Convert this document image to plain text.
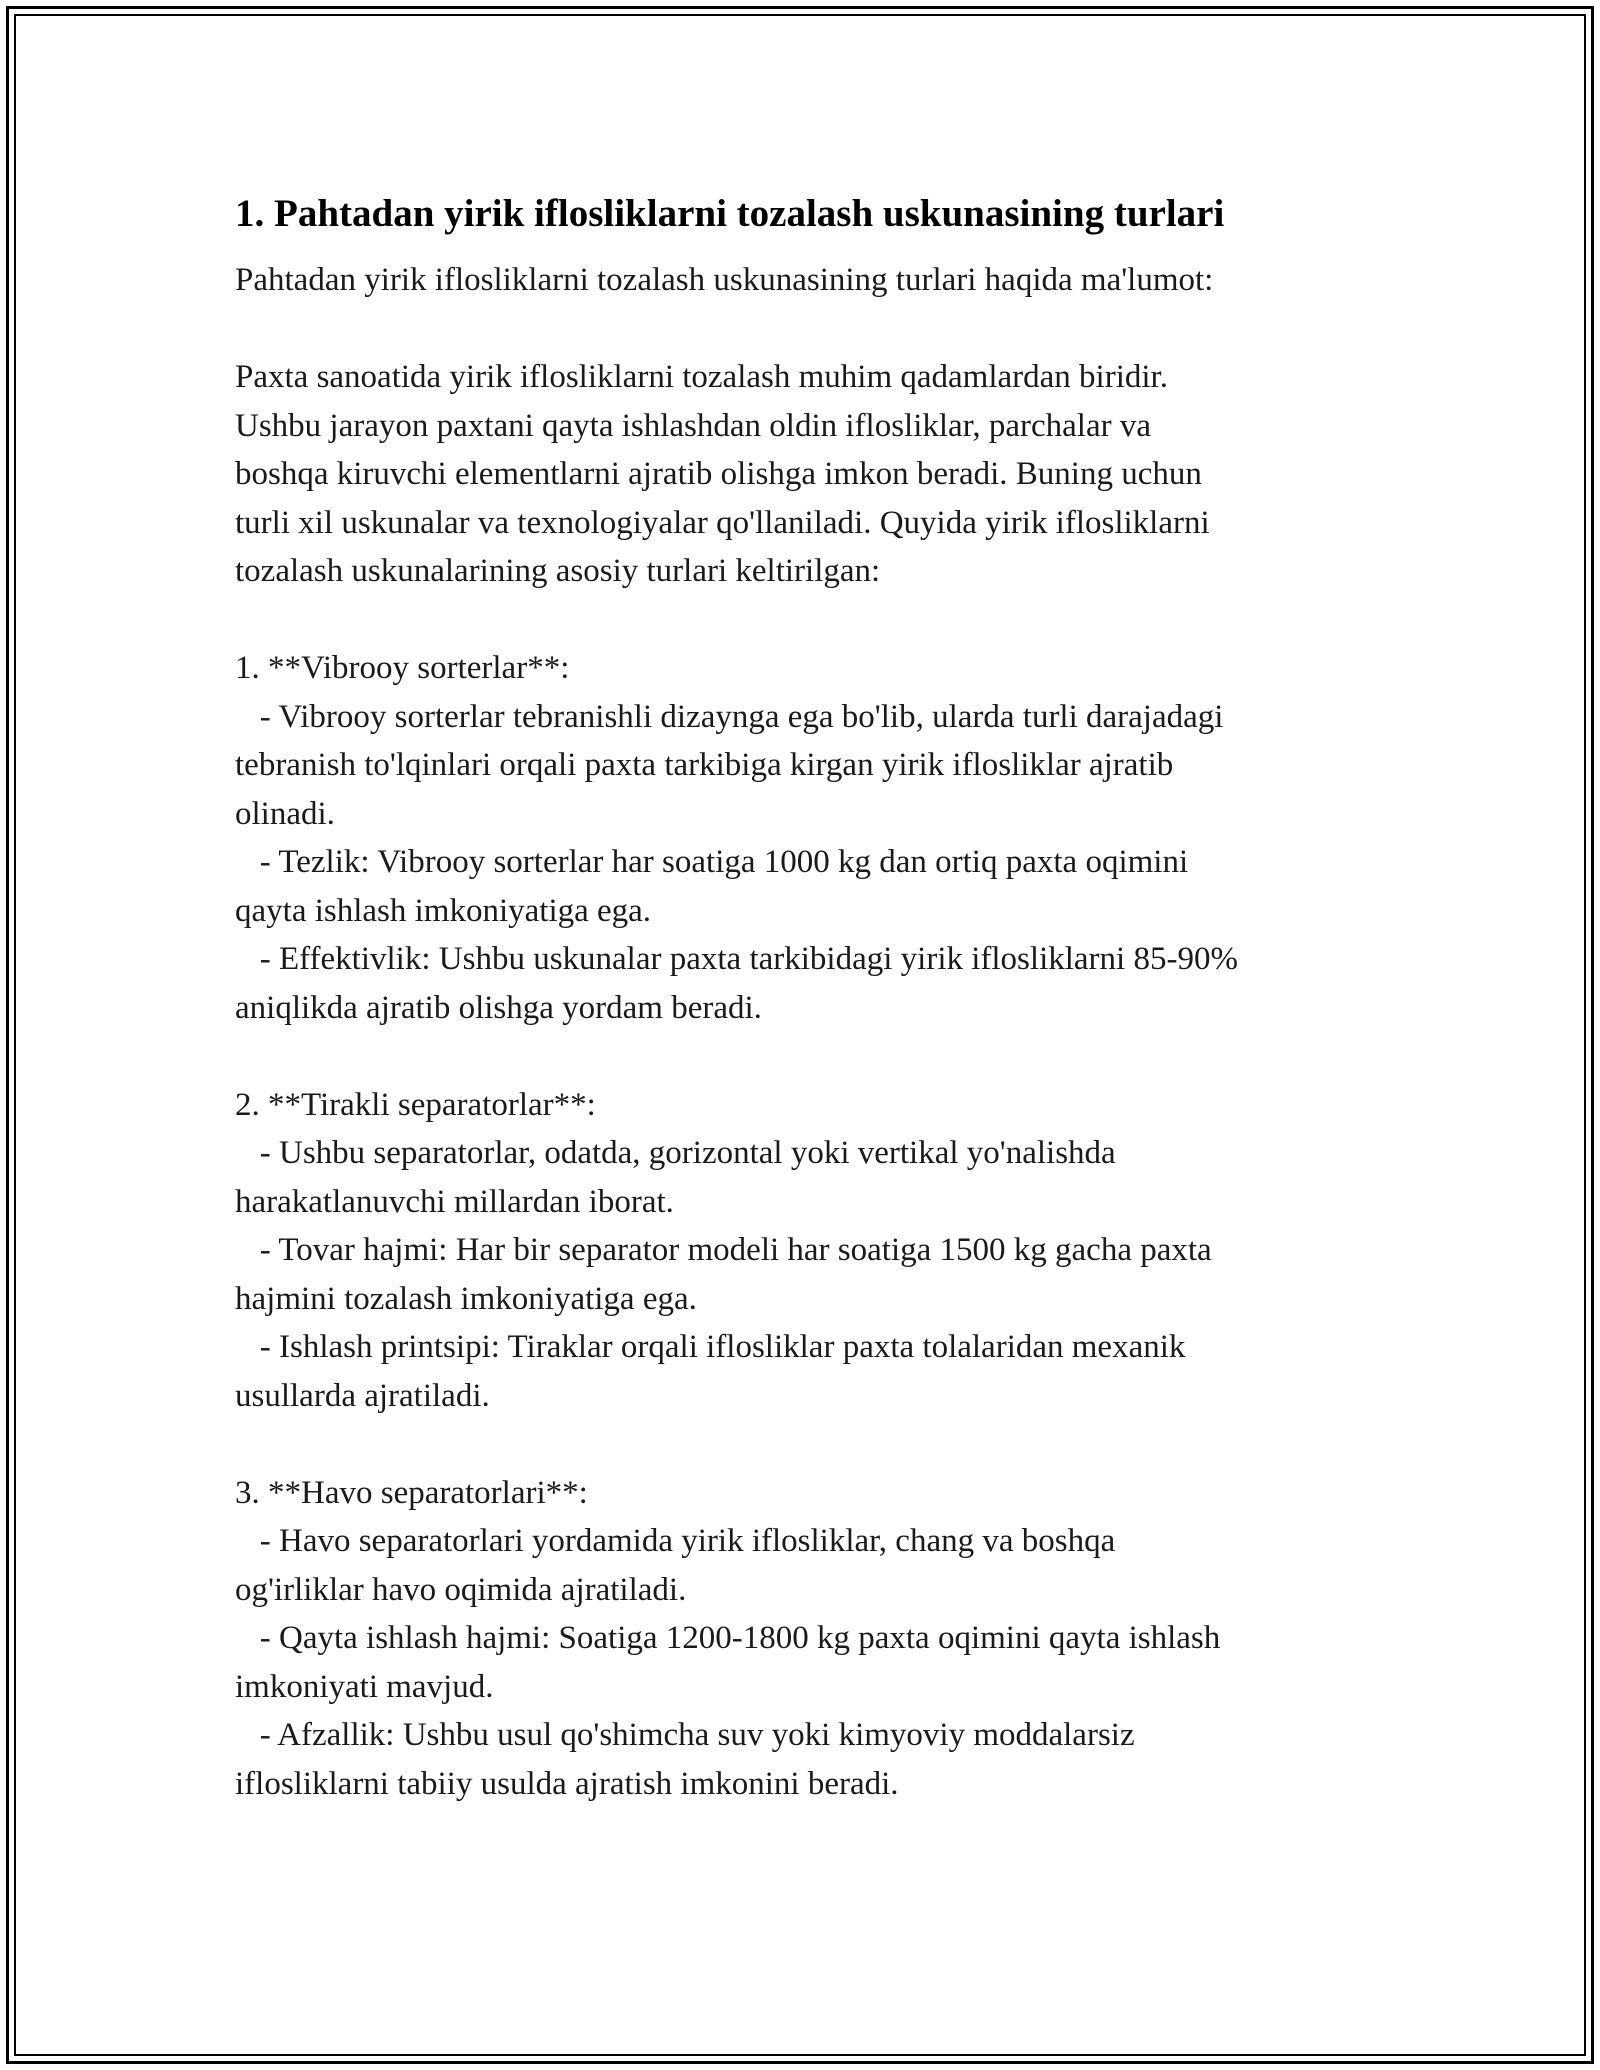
1. Pahtadan yirik iflosliklarni tozalash uskunasining turlari

Pahtadan yirik iflosliklarni tozalash uskunasining turlari haqida ma'lumot:

Paxta sanoatida yirik iflosliklarni tozalash muhim qadamlardan biridir.
Ushbu jarayon paxtani qayta ishlashdan oldin iflosliklar, parchalar va
boshqa kiruvchi elementlarni ajratib olishga imkon beradi. Buning uchun
turli xil uskunalar va texnologiyalar qo'llaniladi. Quyida yirik iflosliklarni
tozalash uskunalarining asosiy turlari keltirilgan:

1. **Vibrooy sorterlar**:
- Vibrooy sorterlar tebranishli dizaynga ega bo'lib, ularda turli darajadagi
tebranish to'lqinlari orqali paxta tarkibiga kirgan yirik iflosliklar ajratib
olinadi.
- Tezlik: Vibrooy sorterlar har soatiga 1000 kg dan ortiq paxta oqimini
qayta ishlash imkoniyatiga ega.
- Effektivlik: Ushbu uskunalar paxta tarkibidagi yirik iflosliklarni 85-90%
aniqlikda ajratib olishga yordam beradi.

2. **Tirakli separatorlar**:
- Ushbu separatorlar, odatda, gorizontal yoki vertikal yo'nalishda
harakatlanuvchi millardan iborat.
- Tovar hajmi: Har bir separator modeli har soatiga 1500 kg gacha paxta
hajmini tozalash imkoniyatiga ega.
- Ishlash printsipi: Tiraklar orqali iflosliklar paxta tolalaridan mexanik
usullarda ajratiladi.

3. **Havo separatorlari**:
- Havo separatorlari yordamida yirik iflosliklar, chang va boshqa
og'irliklar havo oqimida ajratiladi.
- Qayta ishlash hajmi: Soatiga 1200-1800 kg paxta oqimini qayta ishlash
imkoniyati mavjud.
- Afzallik: Ushbu usul qo'shimcha suv yoki kimyoviy moddalarsiz
iflosliklarni tabiiy usulda ajratish imkonini beradi.
